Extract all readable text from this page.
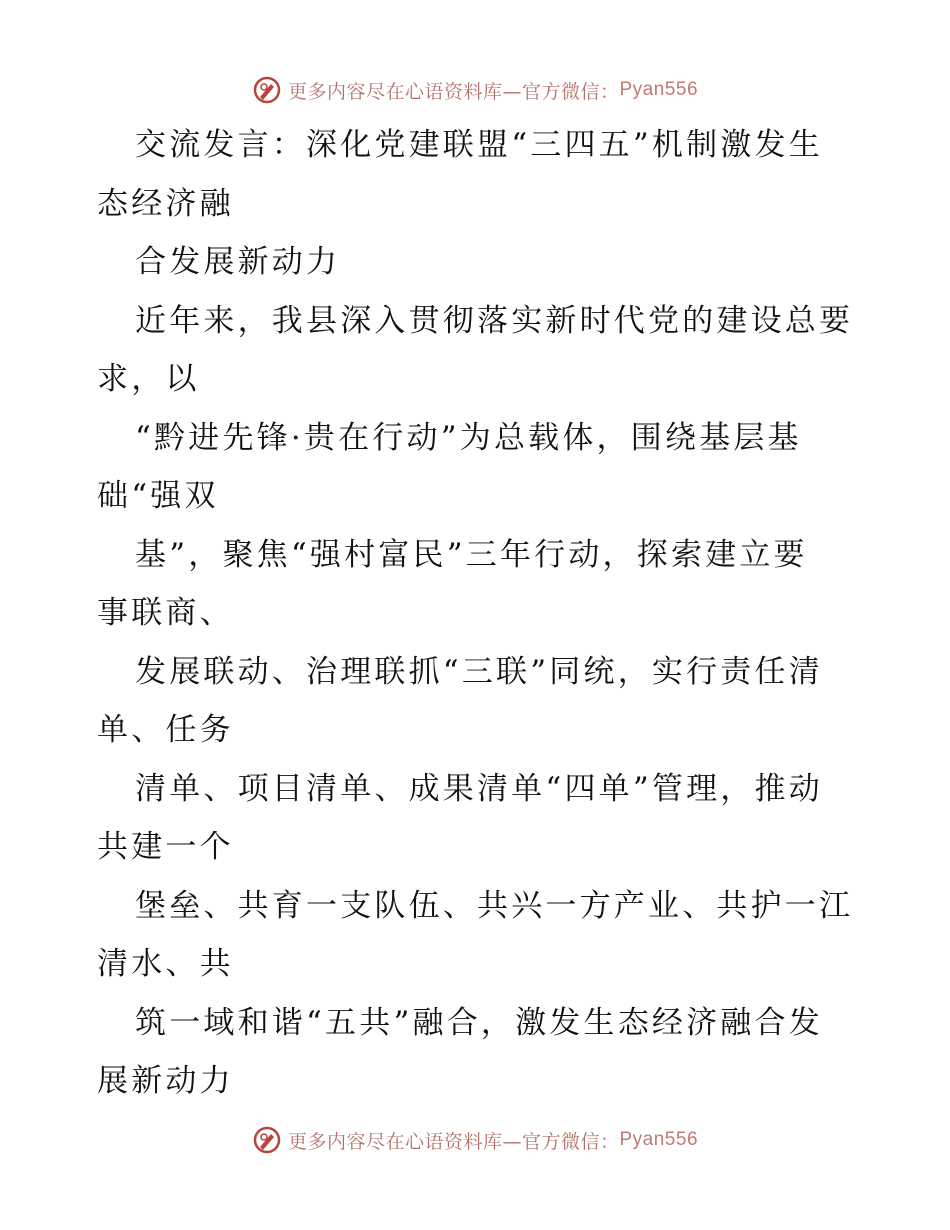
更多内容尽在心语资料库—官方微信： Pyan556
交流发言：深化党建联盟“三四五”机制激发生
态经济融
合发展新动力
近年来，我县深入贯彻落实新时代党的建设总要
求，以
“黔进先锋·贵在行动”为总载体，围绕基层基
础“强双
基”，聚焦“强村富民”三年行动，探索建立要
事联商、
发展联动、治理联抓“三联”同统，实行责任清
单、任务
清单、项目清单、成果清单“四单”管理，推动
共建一个
堡垒、共育一支队伍、共兴一方产业、共护一江
清水、共
筑一域和谐“五共”融合，激发生态经济融合发
展新动力
更多内容尽在心语资料库—官方微信： Pyan556
